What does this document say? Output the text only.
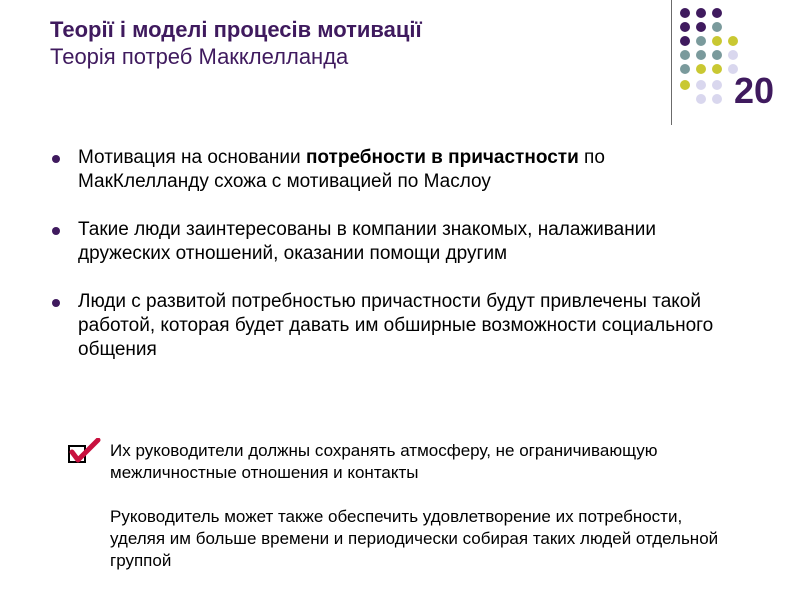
Теорії і моделі процесів мотивації
Теорія потреб Макклелланда
20
Мотивация на основании потребности в причастности по МакКлелланду схожа с мотивацией по Маслоу
Такие люди заинтересованы в компании знакомых, налаживании дружеских отношений, оказании помощи другим
Люди с развитой потребностью причастности будут привлечены такой работой, которая будет давать им обширные возможности социального общения

Их руководители должны сохранять атмосферу, не ограничивающую межличностные отношения и контакты

Руководитель может также обеспечить удовлетворение их потребности, уделяя им больше времени и периодически собирая таких людей отдельной группой
